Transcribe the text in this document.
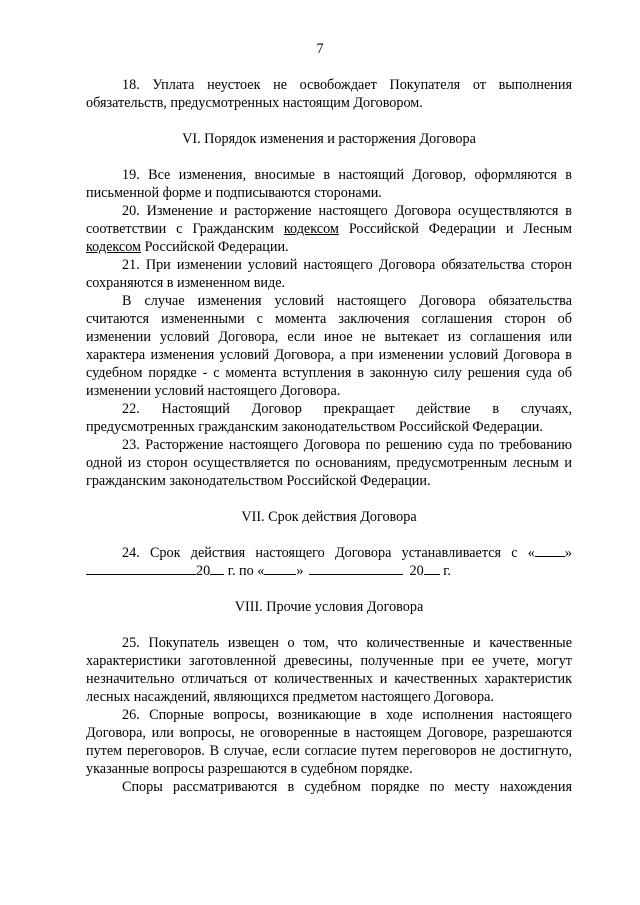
7

18. Уплата неустоек не освобождает Покупателя от выполнения обязательств, предусмотренных настоящим Договором.

VI. Порядок изменения и расторжения Договора

19. Все изменения, вносимые в настоящий Договор, оформляются в письменной форме и подписываются сторонами.

20. Изменение и расторжение настоящего Договора осуществляются в соответствии с Гражданским кодексом Российской Федерации и Лесным кодексом Российской Федерации.

21. При изменении условий настоящего Договора обязательства сторон сохраняются в измененном виде.

В случае изменения условий настоящего Договора обязательства считаются измененными с момента заключения соглашения сторон об изменении условий Договора, если иное не вытекает из соглашения или характера изменения условий Договора, а при изменении условий Договора в судебном порядке - с момента вступления в законную силу решения суда об изменении условий настоящего Договора.

22. Настоящий Договор прекращает действие в случаях, предусмотренных гражданским законодательством Российской Федерации.

23. Расторжение настоящего Договора по решению суда по требованию одной из сторон осуществляется по основаниям, предусмотренным лесным и гражданским законодательством Российской Федерации.

VII. Срок действия Договора

24. Срок действия настоящего Договора устанавливается с « »

20 г. по « »	20 г.

VIII. Прочие условия Договора

25. Покупатель извещен о том, что количественные и качественные характеристики заготовленной древесины, полученные при ее учете, могут незначительно отличаться от количественных и качественных характеристик лесных насаждений, являющихся предметом настоящего Договора.

26. Спорные вопросы, возникающие в ходе исполнения настоящего Договора, или вопросы, не оговоренные в настоящем Договоре, разрешаются путем переговоров. В случае, если согласие путем переговоров не достигнуто, указанные вопросы разрешаются в судебном порядке.

Споры рассматриваются в судебном порядке по месту нахождения
